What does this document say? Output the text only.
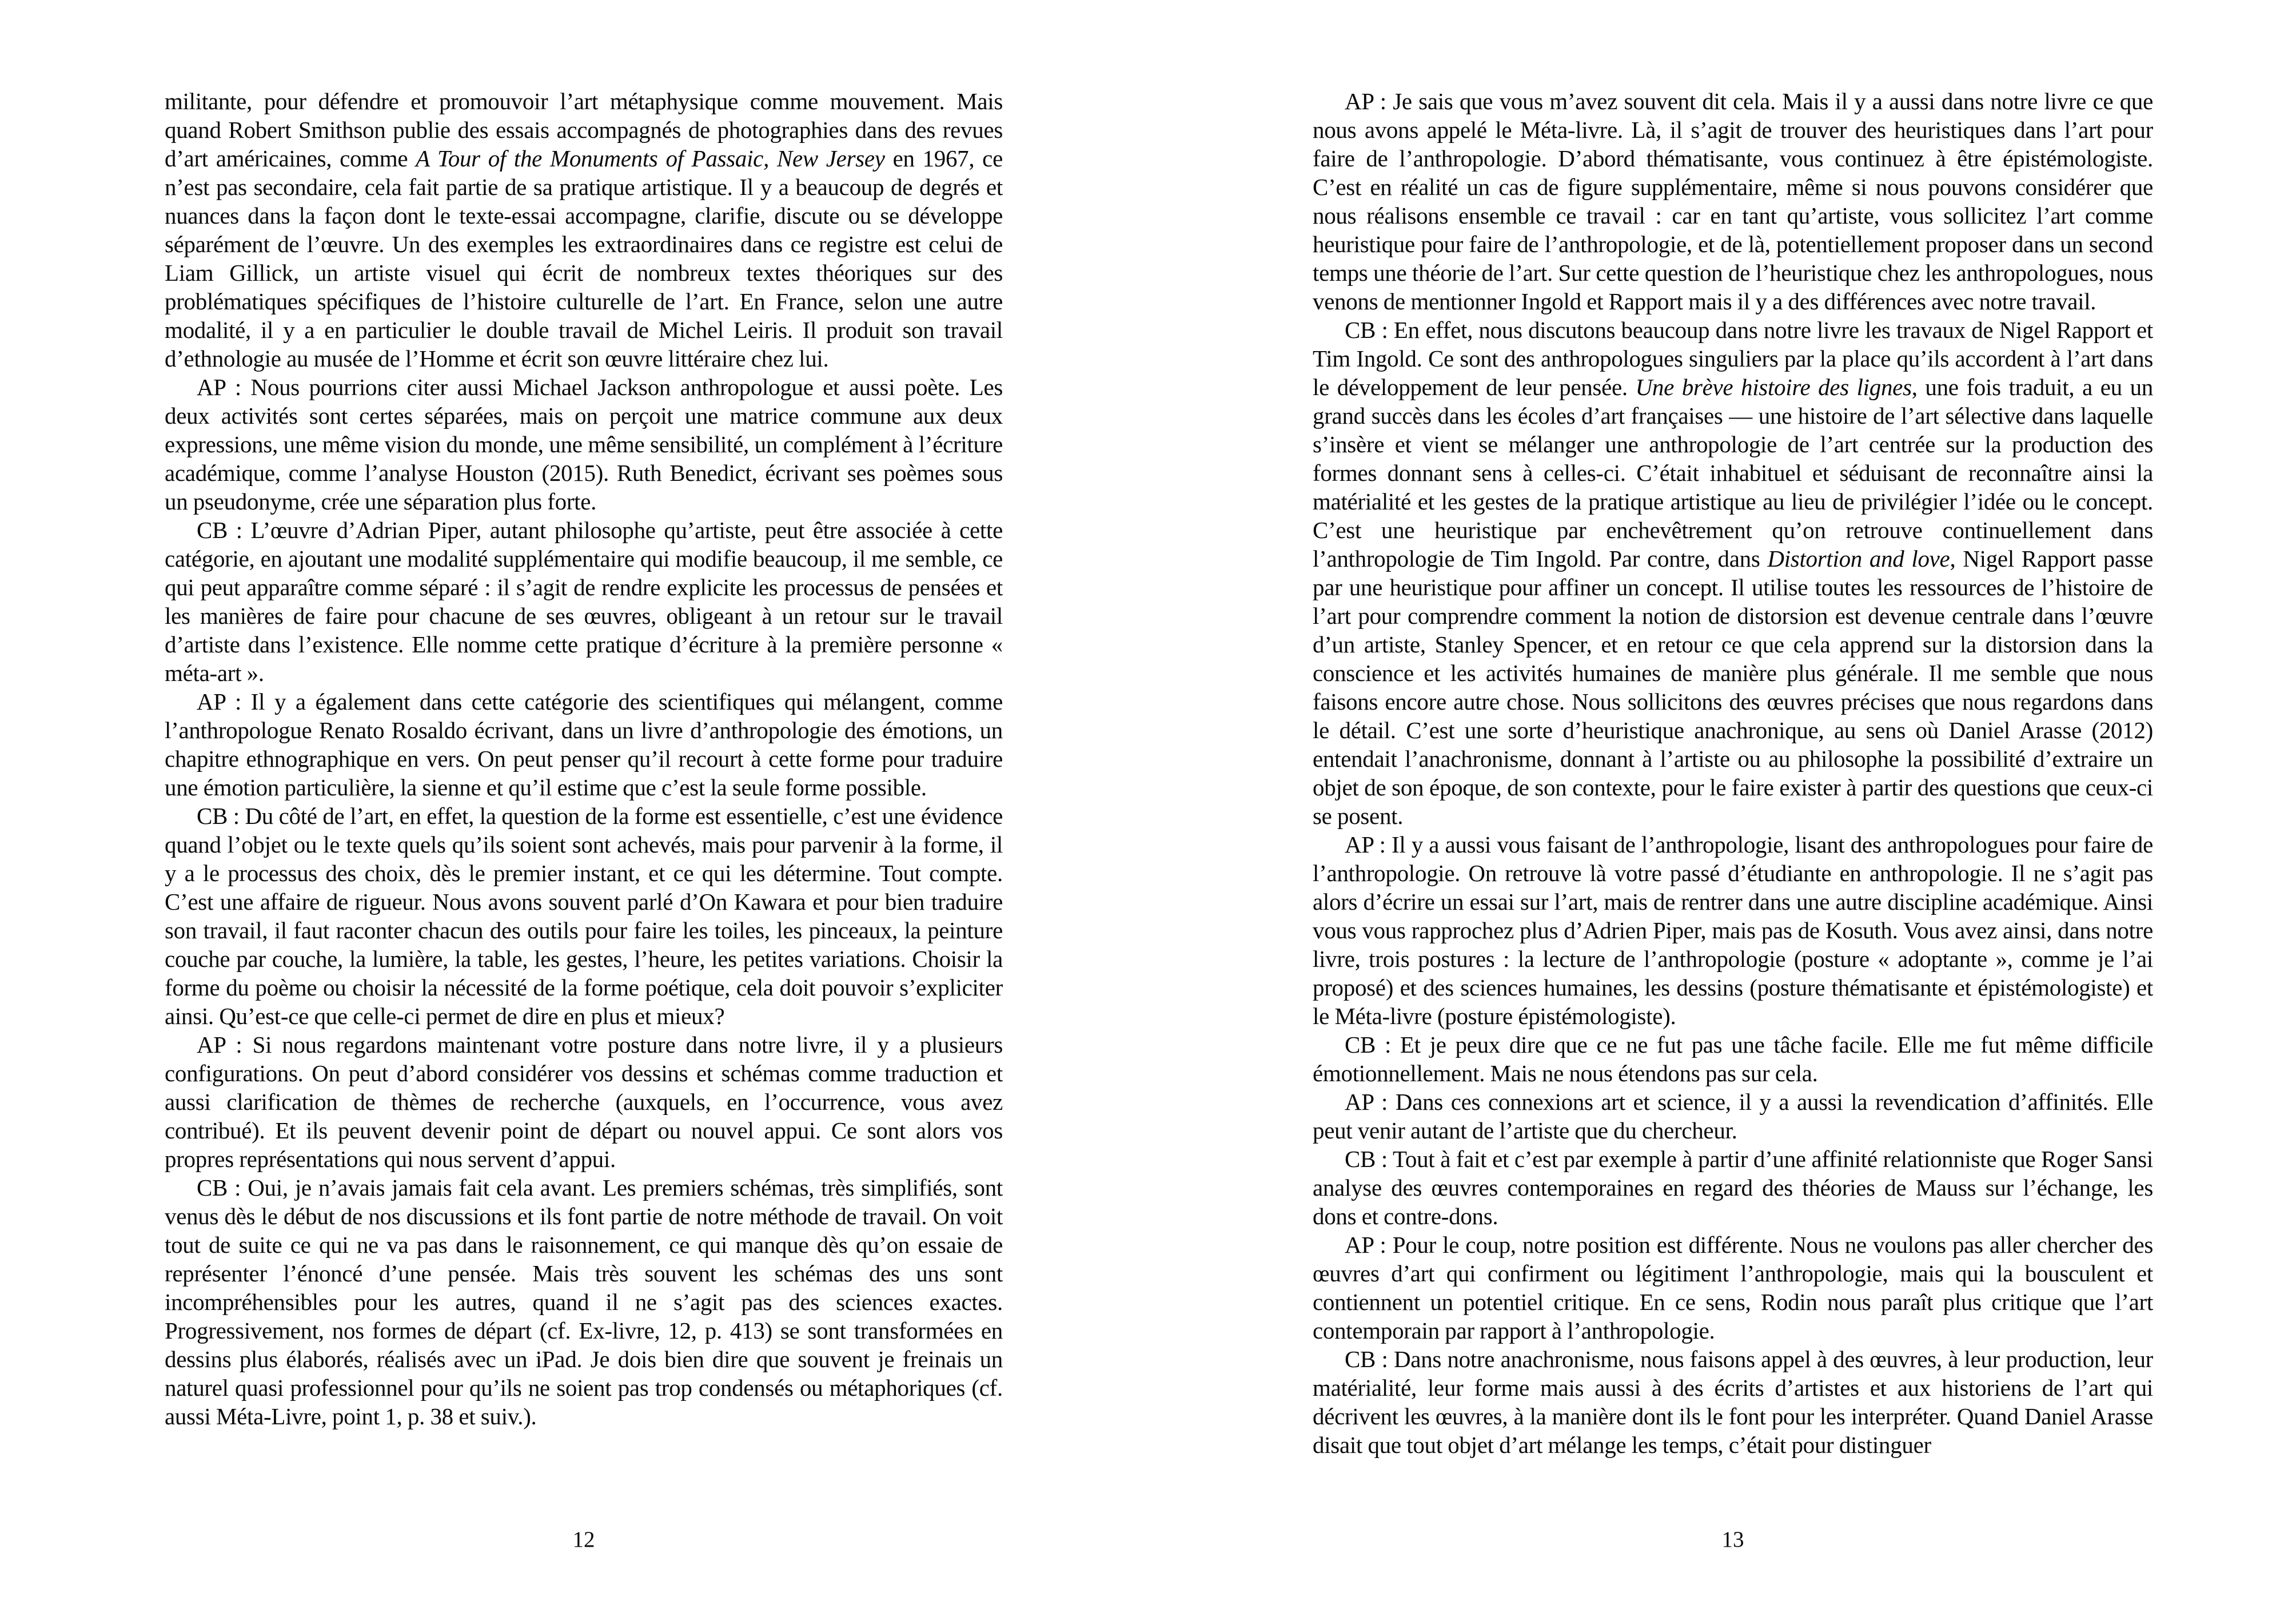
militante, pour défendre et promouvoir l’art métaphysique comme mouvement. Mais quand Robert Smithson publie des essais accompagnés de photographies dans des revues d’art américaines, comme A Tour of the Monuments of Passaic, New Jersey en 1967, ce n’est pas secondaire, cela fait partie de sa pratique artistique. Il y a beaucoup de degrés et nuances dans la façon dont le texte-essai accompagne, clarifie, discute ou se développe séparément de l’œuvre. Un des exemples les extraordinaires dans ce registre est celui de Liam Gillick, un artiste visuel qui écrit de nombreux textes théoriques sur des problématiques spécifiques de l’histoire culturelle de l’art. En France, selon une autre modalité, il y a en particulier le double travail de Michel Leiris. Il produit son travail d’ethnologie au musée de l’Homme et écrit son œuvre littéraire chez lui.

AP : Nous pourrions citer aussi Michael Jackson anthropologue et aussi poète. Les deux activités sont certes séparées, mais on perçoit une matrice commune aux deux expressions, une même vision du monde, une même sensibilité, un complément à l’écriture académique, comme l’analyse Houston (2015). Ruth Benedict, écrivant ses poèmes sous un pseudonyme, crée une séparation plus forte.

CB : L’œuvre d’Adrian Piper, autant philosophe qu’artiste, peut être associée à cette catégorie, en ajoutant une modalité supplémentaire qui modifie beaucoup, il me semble, ce qui peut apparaître comme séparé : il s’agit de rendre explicite les processus de pensées et les manières de faire pour chacune de ses œuvres, obligeant à un retour sur le travail d’artiste dans l’existence. Elle nomme cette pratique d’écriture à la première personne « méta-art ».

AP : Il y a également dans cette catégorie des scientifiques qui mélangent, comme l’anthropologue Renato Rosaldo écrivant, dans un livre d’anthropologie des émotions, un chapitre ethnographique en vers. On peut penser qu’il recourt à cette forme pour traduire une émotion particulière, la sienne et qu’il estime que c’est la seule forme possible.

CB : Du côté de l’art, en effet, la question de la forme est essentielle, c’est une évidence quand l’objet ou le texte quels qu’ils soient sont achevés, mais pour parvenir à la forme, il y a le processus des choix, dès le premier instant, et ce qui les détermine. Tout compte. C’est une affaire de rigueur. Nous avons souvent parlé d’On Kawara et pour bien traduire son travail, il faut raconter chacun des outils pour faire les toiles, les pinceaux, la peinture couche par couche, la lumière, la table, les gestes, l’heure, les petites variations. Choisir la forme du poème ou choisir la nécessité de la forme poétique, cela doit pouvoir s’expliciter ainsi. Qu’est-ce que celle-ci permet de dire en plus et mieux?

AP : Si nous regardons maintenant votre posture dans notre livre, il y a plusieurs configurations. On peut d’abord considérer vos dessins et schémas comme traduction et aussi clarification de thèmes de recherche (auxquels, en l’occurrence, vous avez contribué). Et ils peuvent devenir point de départ ou nouvel appui. Ce sont alors vos propres représentations qui nous servent d’appui.

CB : Oui, je n’avais jamais fait cela avant. Les premiers schémas, très simplifiés, sont venus dès le début de nos discussions et ils font partie de notre méthode de travail. On voit tout de suite ce qui ne va pas dans le raisonnement, ce qui manque dès qu’on essaie de représenter l’énoncé d’une pensée. Mais très souvent les schémas des uns sont incompréhensibles pour les autres, quand il ne s’agit pas des sciences exactes. Progressivement, nos formes de départ (cf. Ex-livre, 12, p. 413) se sont transformées en dessins plus élaborés, réalisés avec un iPad. Je dois bien dire que souvent je freinais un naturel quasi professionnel pour qu’ils ne soient pas trop condensés ou métaphoriques (cf. aussi Méta-Livre, point 1, p. 38 et suiv.).

12

AP : Je sais que vous m’avez souvent dit cela. Mais il y a aussi dans notre livre ce que nous avons appelé le Méta-livre. Là, il s’agit de trouver des heuristiques dans l’art pour faire de l’anthropologie. D’abord thématisante, vous continuez à être épistémologiste. C’est en réalité un cas de figure supplémentaire, même si nous pouvons considérer que nous réalisons ensemble ce travail : car en tant qu’artiste, vous sollicitez l’art comme heuristique pour faire de l’anthropologie, et de là, potentiellement proposer dans un second temps une théorie de l’art. Sur cette question de l’heuristique chez les anthropologues, nous venons de mentionner Ingold et Rapport mais il y a des différences avec notre travail.

CB : En effet, nous discutons beaucoup dans notre livre les travaux de Nigel Rapport et Tim Ingold. Ce sont des anthropologues singuliers par la place qu’ils accordent à l’art dans le développement de leur pensée. Une brève histoire des lignes, une fois traduit, a eu un grand succès dans les écoles d’art françaises — une histoire de l’art sélective dans laquelle s’insère et vient se mélanger une anthropologie de l’art centrée sur la production des formes donnant sens à celles-ci. C’était inhabituel et séduisant de reconnaître ainsi la matérialité et les gestes de la pratique artistique au lieu de privilégier l’idée ou le concept. C’est une heuristique par enchevêtrement qu’on retrouve continuellement dans l’anthropologie de Tim Ingold. Par contre, dans Distortion and love, Nigel Rapport passe par une heuristique pour affiner un concept. Il utilise toutes les ressources de l’histoire de l’art pour comprendre comment la notion de distorsion est devenue centrale dans l’œuvre d’un artiste, Stanley Spencer, et en retour ce que cela apprend sur la distorsion dans la conscience et les activités humaines de manière plus générale. Il me semble que nous faisons encore autre chose. Nous sollicitons des œuvres précises que nous regardons dans le détail. C’est une sorte d’heuristique anachronique, au sens où Daniel Arasse (2012) entendait l’anachronisme, donnant à l’artiste ou au philosophe la possibilité d’extraire un objet de son époque, de son contexte, pour le faire exister à partir des questions que ceux-ci se posent.

AP : Il y a aussi vous faisant de l’anthropologie, lisant des anthropologues pour faire de l’anthropologie. On retrouve là votre passé d’étudiante en anthropologie. Il ne s’agit pas alors d’écrire un essai sur l’art, mais de rentrer dans une autre discipline académique. Ainsi vous vous rapprochez plus d’Adrien Piper, mais pas de Kosuth. Vous avez ainsi, dans notre livre, trois postures : la lecture de l’anthropologie (posture « adoptante », comme je l’ai proposé) et des sciences humaines, les dessins (posture thématisante et épistémologiste) et le Méta-livre (posture épistémologiste).

CB : Et je peux dire que ce ne fut pas une tâche facile. Elle me fut même difficile émotionnellement. Mais ne nous étendons pas sur cela.

AP : Dans ces connexions art et science, il y a aussi la revendication d’affinités. Elle peut venir autant de l’artiste que du chercheur.

CB : Tout à fait et c’est par exemple à partir d’une affinité relationniste que Roger Sansi analyse des œuvres contemporaines en regard des théories de Mauss sur l’échange, les dons et contre-dons.

AP : Pour le coup, notre position est différente. Nous ne voulons pas aller chercher des œuvres d’art qui confirment ou légitiment l’anthropologie, mais qui la bousculent et contiennent un potentiel critique. En ce sens, Rodin nous paraît plus critique que l’art contemporain par rapport à l’anthropologie.

CB : Dans notre anachronisme, nous faisons appel à des œuvres, à leur production, leur matérialité, leur forme mais aussi à des écrits d’artistes et aux historiens de l’art qui décrivent les œuvres, à la manière dont ils le font pour les interpréter. Quand Daniel Arasse disait que tout objet d’art mélange les temps, c’était pour distinguer

13
